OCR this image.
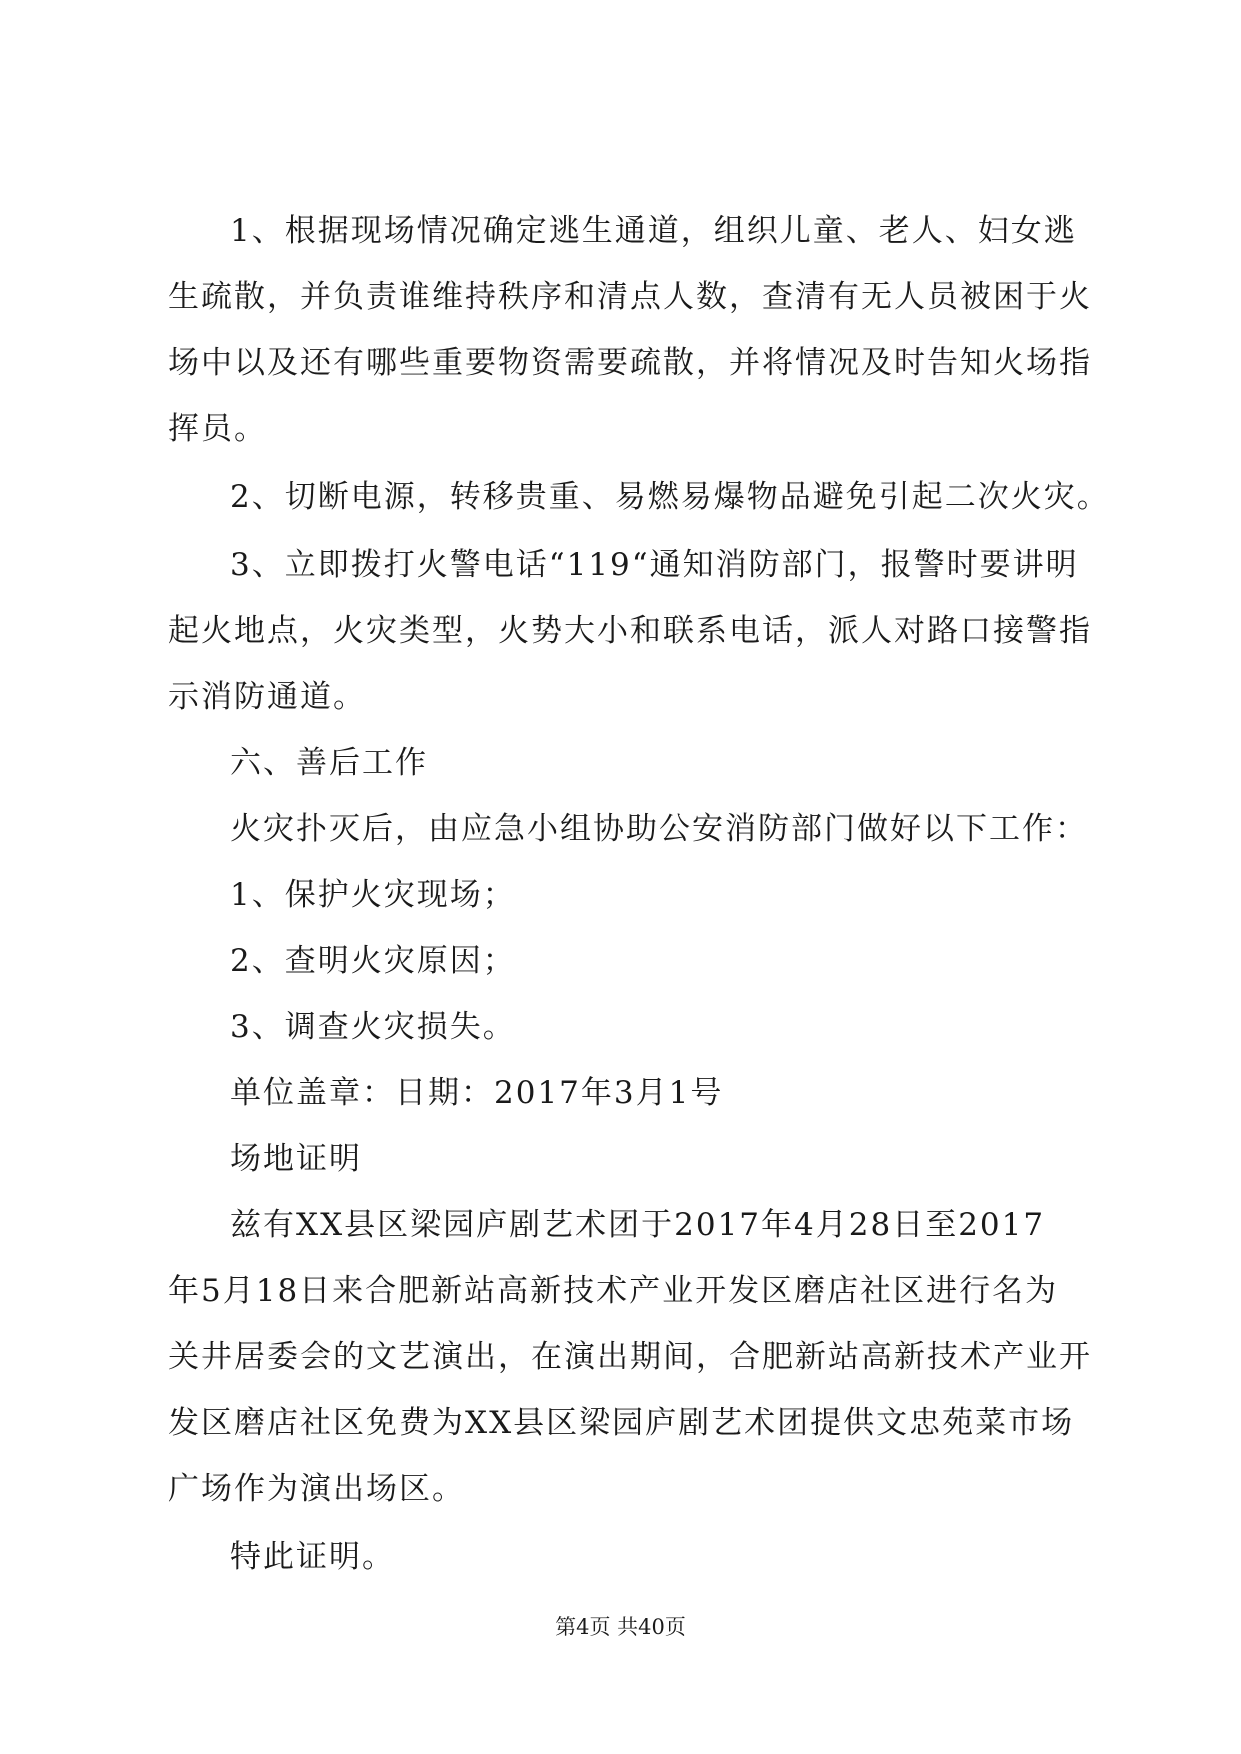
1、根据现场情况确定逃生通道，组织儿童、老人、妇女逃
生疏散，并负责谁维持秩序和清点人数，查清有无人员被困于火
场中以及还有哪些重要物资需要疏散，并将情况及时告知火场指
挥员。
2、切断电源，转移贵重、易燃易爆物品避免引起二次火灾。
3、立即拨打火警电话“119“通知消防部门，报警时要讲明
起火地点，火灾类型，火势大小和联系电话，派人对路口接警指
示消防通道。
六、善后工作
火灾扑灭后，由应急小组协助公安消防部门做好以下工作：
1、保护火灾现场；
2、查明火灾原因；
3、调查火灾损失。
单位盖章：日期：2017年3月1号
场地证明
兹有XX县区梁园庐剧艺术团于2017年4月28日至2017
年5月18日来合肥新站高新技术产业开发区磨店社区进行名为
关井居委会的文艺演出，在演出期间，合肥新站高新技术产业开
发区磨店社区免费为XX县区梁园庐剧艺术团提供文忠苑菜市场
广场作为演出场区。
特此证明。
第4页 共40页
